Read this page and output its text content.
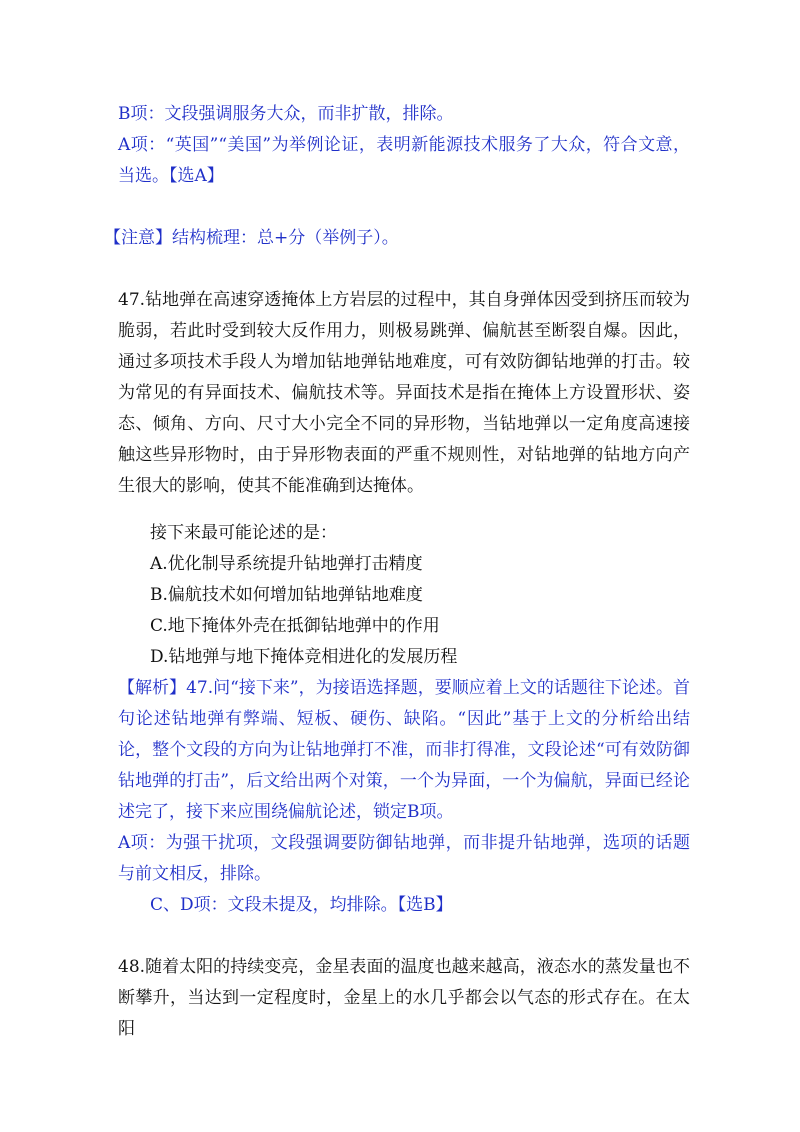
B项：文段强调服务大众，而非扩散，排除。
A项：“英国”“美国”为举例论证，表明新能源技术服务了大众，符合文意，当选。【选A】
【注意】结构梳理：总+分（举例子）。
47.钻地弹在高速穿透掩体上方岩层的过程中，其自身弹体因受到挤压而较为脆弱，若此时受到较大反作用力，则极易跳弹、偏航甚至断裂自爆。因此，通过多项技术手段人为增加钻地弹钻地难度，可有效防御钻地弹的打击。较为常见的有异面技术、偏航技术等。异面技术是指在掩体上方设置形状、姿态、倾角、方向、尺寸大小完全不同的异形物，当钻地弹以一定角度高速接触这些异形物时，由于异形物表面的严重不规则性，对钻地弹的钻地方向产生很大的影响，使其不能准确到达掩体。
接下来最可能论述的是：
A.优化制导系统提升钻地弹打击精度
B.偏航技术如何增加钻地弹钻地难度
C.地下掩体外壳在抵御钻地弹中的作用
D.钻地弹与地下掩体竞相进化的发展历程
【解析】47.问“接下来”，为接语选择题，要顺应着上文的话题往下论述。首句论述钻地弹有弊端、短板、硬伤、缺陷。“因此”基于上文的分析给出结论，整个文段的方向为让钻地弹打不准，而非打得准，文段论述“可有效防御钻地弹的打击”，后文给出两个对策，一个为异面，一个为偏航，异面已经论述完了，接下来应围绕偏航论述，锁定B项。
A项：为强干扰项，文段强调要防御钻地弹，而非提升钻地弹，选项的话题与前文相反，排除。
C、D项：文段未提及，均排除。【选B】
48.随着太阳的持续变亮，金星表面的温度也越来越高，液态水的蒸发量也不断攀升，当达到一定程度时，金星上的水几乎都会以气态的形式存在。在太阳
